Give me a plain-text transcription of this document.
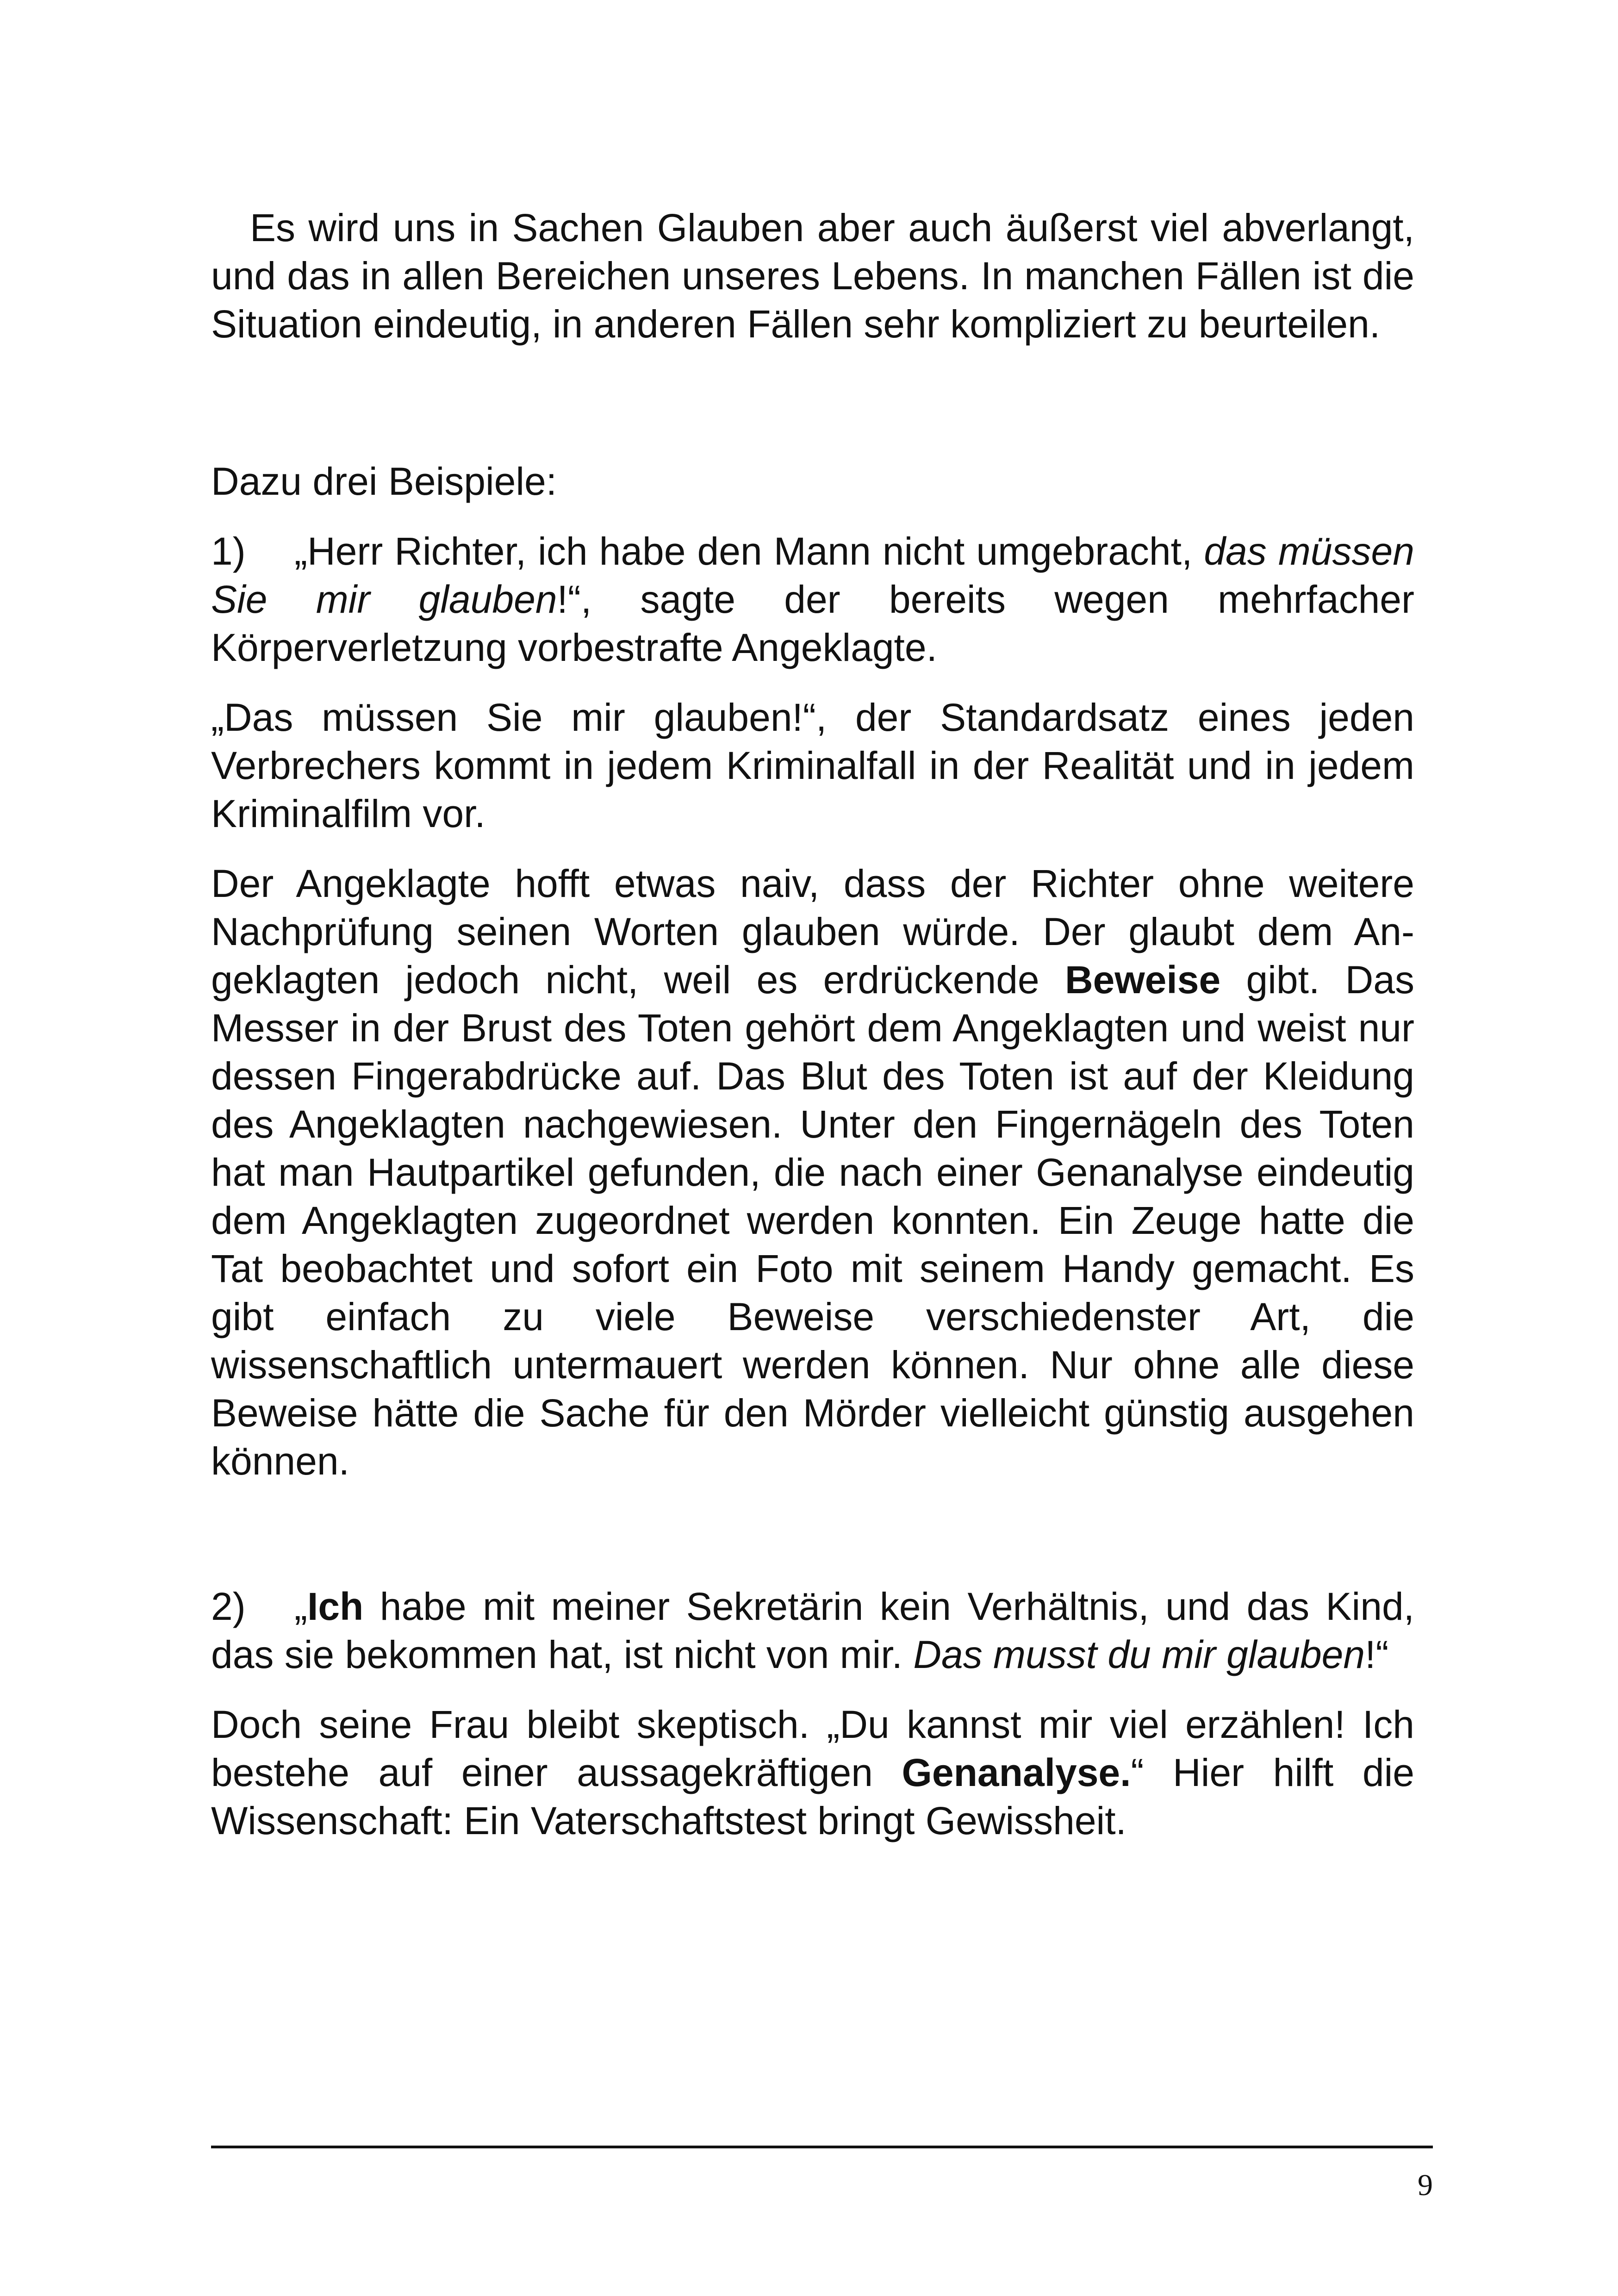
Es wird uns in Sachen Glauben aber auch äußerst viel abverlangt, und das in allen Bereichen unseres Lebens. In manchen Fällen ist die Situation eindeutig, in anderen Fällen sehr kompliziert zu beurteilen.

Dazu drei Beispiele:

1) „Herr Richter, ich habe den Mann nicht umgebracht, das müssen Sie mir glauben!“, sagte der bereits wegen mehrfacher Körperverletzung vorbestrafte Angeklagte.

„Das müssen Sie mir glauben!“, der Standardsatz eines jeden Verbrechers kommt in jedem Kriminalfall in der Realität und in jedem Kriminalfilm vor.

Der Angeklagte hofft etwas naiv, dass der Richter ohne weitere Nachprüfung seinen Worten glauben würde. Der glaubt dem Angeklagten jedoch nicht, weil es erdrückende Beweise gibt. Das Messer in der Brust des Toten gehört dem Angeklagten und weist nur dessen Fingerabdrücke auf. Das Blut des Toten ist auf der Kleidung des Angeklagten nachgewiesen. Unter den Fingernägeln des Toten hat man Hautpartikel gefunden, die nach einer Genanalyse eindeutig dem Angeklagten zugeordnet werden konnten. Ein Zeuge hatte die Tat beobachtet und sofort ein Foto mit seinem Handy gemacht. Es gibt einfach zu viele Beweise verschiedenster Art, die wissenschaftlich untermauert werden können. Nur ohne alle diese Beweise hätte die Sache für den Mörder vielleicht günstig ausgehen können.

2) „Ich habe mit meiner Sekretärin kein Verhältnis, und das Kind, das sie bekommen hat, ist nicht von mir. Das musst du mir glauben!“

Doch seine Frau bleibt skeptisch. „Du kannst mir viel erzählen! Ich bestehe auf einer aussagekräftigen Genanalyse.“ Hier hilft die Wissenschaft: Ein Vaterschaftstest bringt Gewissheit.

9
